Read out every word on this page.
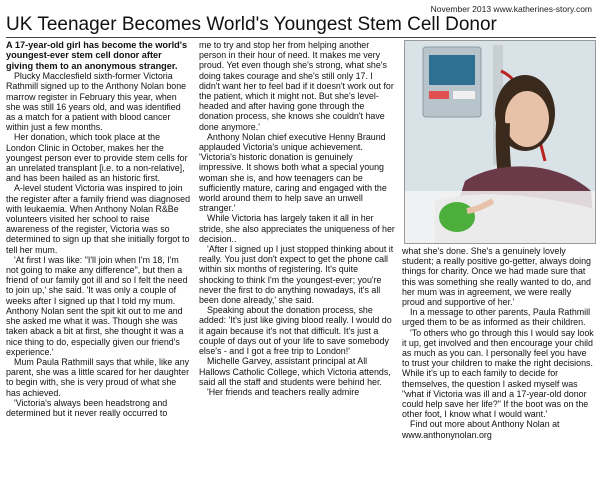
November 2013 www.katherines-story.com
UK Teenager Becomes World's Youngest Stem Cell Donor

A 17-year-old girl has become the world's youngest-ever stem cell donor after giving them to an anonymous stranger.

Plucky Macclesfield sixth-former Victoria Rathmill signed up to the Anthony Nolan bone marrow register in February this year, when she was still 16 years old, and was identified as a match for a patient with blood cancer within just a few months.

Her donation, which took place at the London Clinic in October, makes her the youngest person ever to provide stem cells for an unrelated transplant [i.e. to a non-relative], and has been hailed as an historic first.

A-level student Victoria was inspired to join the register after a family friend was diagnosed with leukaemia. When Anthony Nolan R&Be volunteers visited her school to raise awareness of the register, Victoria was so determined to sign up that she initially forgot to tell her mum.

'At first I was like: "I'll join when I'm 18, I'm not going to make any difference", but then a friend of our family got ill and so I felt the need to join up,' she said. 'It was only a couple of weeks after I signed up that I told my mum. Anthony Nolan sent the spit kit out to me and she asked me what it was. Though she was taken aback a bit at first, she thought it was a nice thing to do, especially given our friend's experience.'

Mum Paula Rathmill says that while, like any parent, she was a little scared for her daughter to begin with, she is very proud of what she has achieved.

'Victoria's always been headstrong and determined but it never really occurred to

me to try and stop her from helping another person in their hour of need. It makes me very proud. Yet even though she's strong, what she's doing takes courage and she's still only 17. I didn't want her to feel bad if it doesn't work out for the patient, which it might not. But she's level-headed and after having gone through the donation process, she knows she couldn't have done anymore.'

Anthony Nolan chief executive Henny Braund applauded Victoria's unique achievement. 'Victoria's historic donation is genuinely impressive. It shows both what a special young woman she is, and how teenagers can be sufficiently mature, caring and engaged with the world around them to help save an unwell stranger.'

While Victoria has largely taken it all in her stride, she also appreciates the uniqueness of her decision..

'After I signed up I just stopped thinking about it really. You just don't expect to get the phone call within six months of registering. It's quite shocking to think I'm the youngest-ever; you're never the first to do anything nowadays, it's all been done already,' she said.

Speaking about the donation process, she added: 'It's just like giving blood really. I would do it again because it's not that difficult. It's just a couple of days out of your life to save somebody else's - and I got a free trip to London!'

Michelle Garvey, assistant principal at All Hallows Catholic College, which Victoria attends, said all the staff and students were behind her.

'Her friends and teachers really admire

what she's done. She's a genuinely lovely student; a really positive go-getter, always doing things for charity. Once we had made sure that this was something she really wanted to do, and her mum was in agreement, we were really proud and supportive of her.'

In a message to other parents, Paula Rathmill urged them to be as informed as their children.

'To others who go through this I would say look it up, get involved and then encourage your child as much as you can. I personally feel you have to trust your children to make the right decisions. While it's up to each family to decide for themselves, the question I asked myself was "what if Victoria was ill and a 17-year-old donor could help save her life?" If the boot was on the other foot, I know what I would want.'

Find out more about Anthony Nolan at www.anthonynolan.org
